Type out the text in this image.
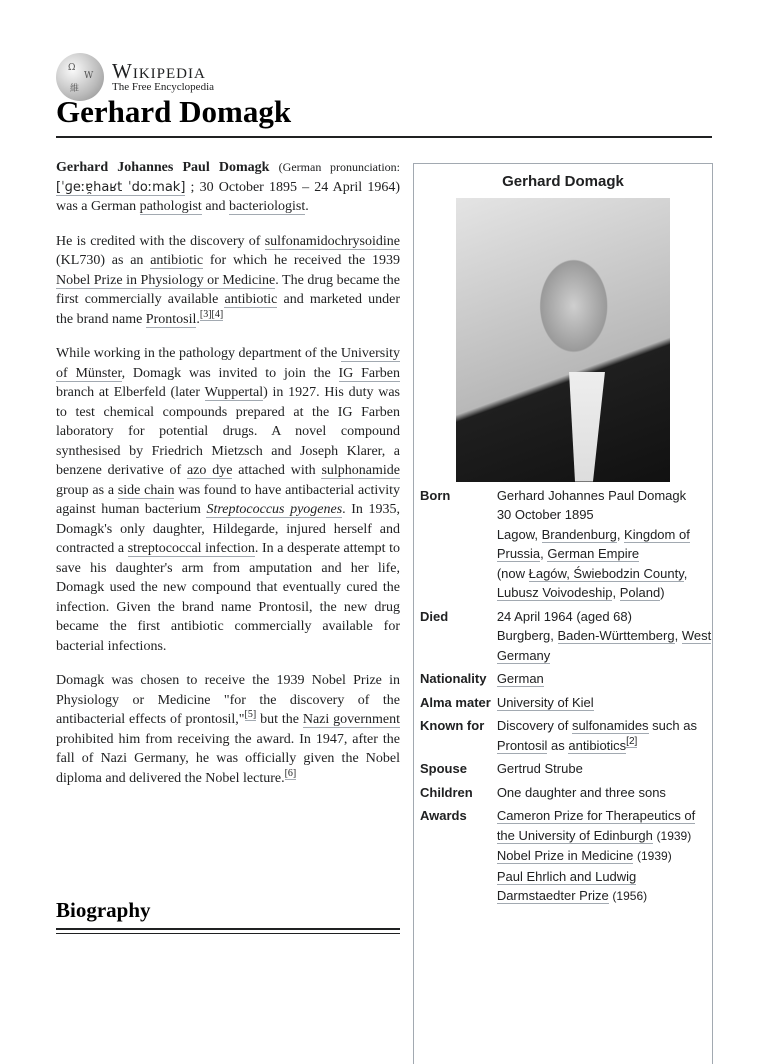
Ω
W
維
Wikipedia
The Free Encyclopedia
Gerhard Domagk

Gerhard Johannes Paul Domagk (German pronunciation: [ˈɡeːɐ̯haʁt ˈdoːmak] ; 30 October 1895 – 24 April 1964) was a German pathologist and bacteriologist.

He is credited with the discovery of sulfonamidochrysoidine (KL730) as an antibiotic for which he received the 1939 Nobel Prize in Physiology or Medicine. The drug became the first commercially available antibiotic and marketed under the brand name Prontosil.[3][4]

While working in the pathology department of the University of Münster, Domagk was invited to join the IG Farben branch at Elberfeld (later Wuppertal) in 1927. His duty was to test chemical compounds prepared at the IG Farben laboratory for potential drugs. A novel compound synthesised by Friedrich Mietzsch and Joseph Klarer, a benzene derivative of azo dye attached with sulphonamide group as a side chain was found to have antibacterial activity against human bacterium Streptococcus pyogenes. In 1935, Domagk's only daughter, Hildegarde, injured herself and contracted a streptococcal infection. In a desperate attempt to save his daughter's arm from amputation and her life, Domagk used the new compound that eventually cured the infection. Given the brand name Prontosil, the new drug became the first antibiotic commercially available for bacterial infections.

Domagk was chosen to receive the 1939 Nobel Prize in Physiology or Medicine "for the discovery of the antibacterial effects of prontosil,"[5] but the Nazi government prohibited him from receiving the award. In 1947, after the fall of Nazi Germany, he was officially given the Nobel diploma and delivered the Nobel lecture.[6]

Biography
Gerhard Domagk
Born	Gerhard Johannes Paul Domagk
30 October 1895
Lagow, Brandenburg, Kingdom of Prussia, German Empire
(now Łagów, Świebodzin County, Lubusz Voivodeship, Poland)
Died	24 April 1964 (aged 68)
Burgberg, Baden-Württemberg, West Germany
Nationality	German
Alma mater	University of Kiel
Known for	Discovery of sulfonamides such as Prontosil as antibiotics[2]
Spouse	Gertrud Strube
Children	One daughter and three sons
Awards	Cameron Prize for Therapeutics of the University of Edinburgh (1939)
Nobel Prize in Medicine (1939)
Paul Ehrlich and Ludwig Darmstaedter Prize (1956)
